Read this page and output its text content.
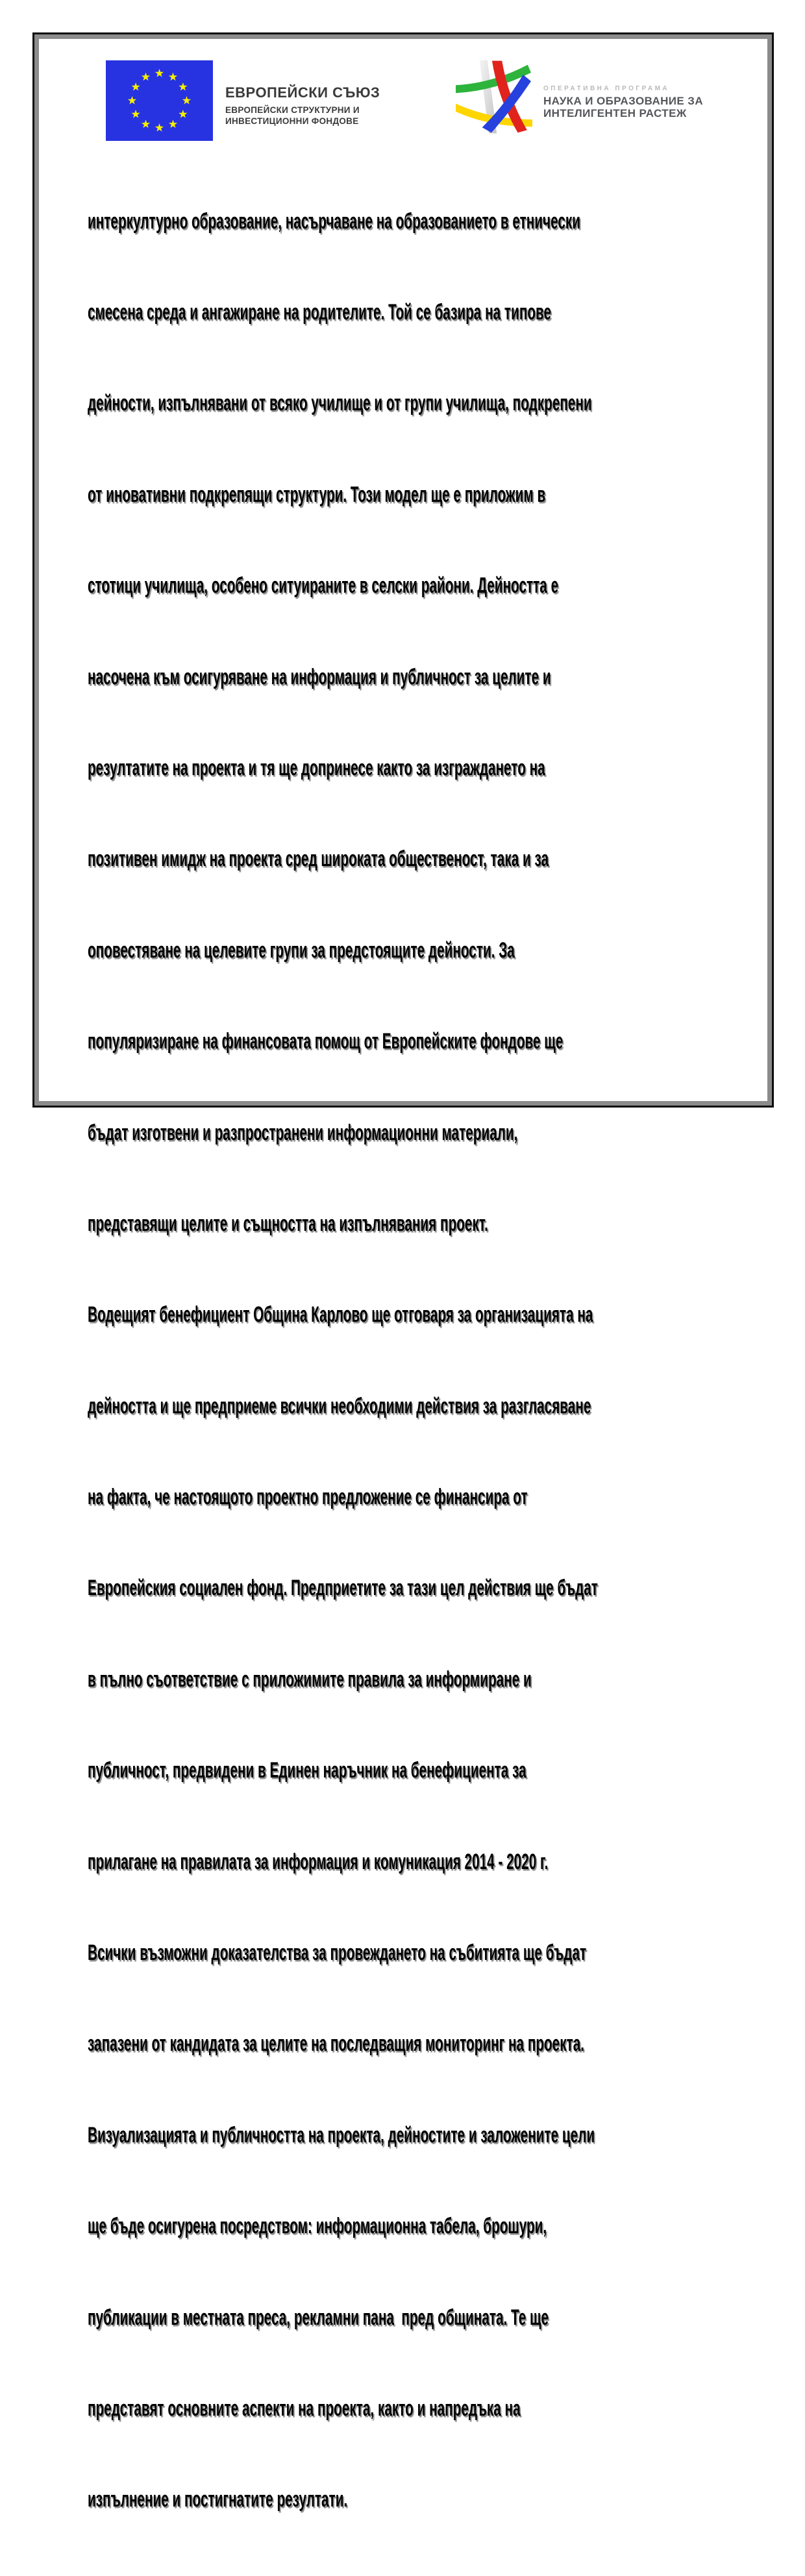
ЕВРОПЕЙСКИ СЪЮЗ
ЕВРОПЕЙСКИ СТРУКТУРНИ И
ИНВЕСТИЦИОННИ ФОНДОВЕ
ОПЕРАТИВНА ПРОГРАМА
НАУКА И ОБРАЗОВАНИЕ ЗА
ИНТЕЛИГЕНТЕН РАСТЕЖ

интеркултурно образование, насърчаване на образованието в етнически

смесена среда и ангажиране на родителите. Той се базира на типове

дейности, изпълнявани от всяко училище и от групи училища, подкрепени

от иновативни подкрепящи структури. Този модел ще е приложим в

стотици училища, особено ситуираните в селски райони. Дейността е

насочена към осигуряване на информация и публичност за целите и

резултатите на проекта и тя ще допринесе както за изграждането на

позитивен имидж на проекта сред широката общественост, така и за

оповестяване на целевите групи за предстоящите дейности. За

популяризиране на финансовата помощ от Европейските фондове ще

бъдат изготвени и разпространени информационни материали,

представящи целите и същността на изпълнявания проект.

Водещият бенефициент Община Карлово ще отговаря за организацията на

дейността и ще предприеме всички необходими действия за разгласяване

на факта, че настоящото проектно предложение се финансира от

Европейския социален фонд. Предприетите за тази цел действия ще бъдат

в пълно съответствие с приложимите правила за информиране и

публичност, предвидени в Единен наръчник на бенефициента за

прилагане на правилата за информация и комуникация 2014 - 2020 г.

Всички възможни доказателства за провеждането на събитията ще бъдат

запазени от кандидата за целите на последващия мониторинг на проекта.

Визуализацията и публичността на проекта, дейностите и заложените цели

ще бъде осигурена посредством: информационна табела, брошури,

публикации в местната преса, рекламни пана  пред общината. Те ще

представят основните аспекти на проекта, както и напредъка на

изпълнение и постигнатите резултати.
